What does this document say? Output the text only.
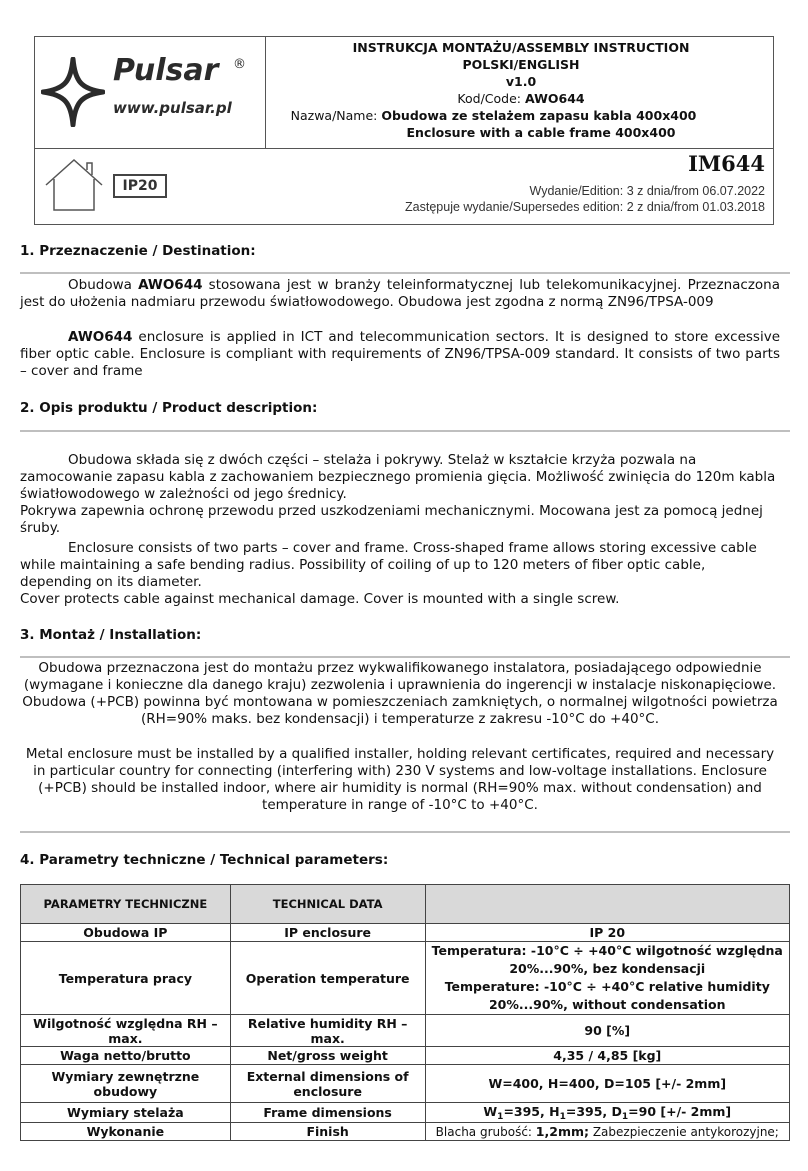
Pulsar ®
www.pulsar.pl
INSTRUKCJA MONTAŻU/ASSEMBLY INSTRUCTION
POLSKI/ENGLISH
v1.0
Kod/Code: AWO644
Nazwa/Name: Obudowa ze stelażem zapasu kabla 400x400
Enclosure with a cable frame 400x400
IP20
IM644
Wydanie/Edition: 3 z dnia/from 06.07.2022
Zastępuje wydanie/Supersedes edition: 2 z dnia/from 01.03.2018
1. Przeznaczenie / Destination:
Obudowa AWO644 stosowana jest w branży teleinformatycznej lub telekomunikacyjnej. Przeznaczona jest do ułożenia nadmiaru przewodu światłowodowego. Obudowa jest zgodna z normą ZN96/TPSA-009
AWO644 enclosure is applied in ICT and telecommunication sectors. It is designed to store excessive fiber optic cable. Enclosure is compliant with requirements of ZN96/TPSA-009 standard. It consists of two parts – cover and frame
2. Opis produktu / Product description:
Obudowa składa się z dwóch części – stelaża i pokrywy. Stelaż w kształcie krzyża pozwala na zamocowanie zapasu kabla z zachowaniem bezpiecznego promienia gięcia. Możliwość zwinięcia do 120m kabla światłowodowego w zależności od jego średnicy.
Pokrywa zapewnia ochronę przewodu przed uszkodzeniami mechanicznymi. Mocowana jest za pomocą jednej śruby.
Enclosure consists of two parts – cover and frame. Cross-shaped frame allows storing excessive cable while maintaining a safe bending radius. Possibility of coiling of up to 120 meters of fiber optic cable, depending on its diameter.
Cover protects cable against mechanical damage. Cover is mounted with a single screw.
3. Montaż / Installation:
Obudowa przeznaczona jest do montażu przez wykwalifikowanego instalatora, posiadającego odpowiednie (wymagane i konieczne dla danego kraju) zezwolenia i uprawnienia do ingerencji w instalacje niskonapięciowe. Obudowa (+PCB) powinna być montowana w pomieszczeniach zamkniętych, o normalnej wilgotności powietrza (RH=90% maks. bez kondensacji) i temperaturze z zakresu -10°C do +40°C.
Metal enclosure must be installed by a qualified installer, holding relevant certificates, required and necessary in particular country for connecting (interfering with) 230 V systems and low-voltage installations. Enclosure (+PCB) should be installed indoor, where air humidity is normal (RH=90% max. without condensation) and temperature in range of -10°C to +40°C.
4. Parametry techniczne / Technical parameters:
PARAMETRY TECHNICZNE	TECHNICAL DATA	
Obudowa IP	IP enclosure	IP 20
Temperatura pracy	Operation temperature	Temperatura: -10°C ÷ +40°C wilgotność względna 20%...90%, bez kondensacji
Temperature: -10°C ÷ +40°C relative humidity 20%...90%, without condensation

Wilgotność względna RH – max.	Relative humidity RH – max.	90 [%]
Waga netto/brutto	Net/gross weight	4,35 / 4,85 [kg]
Wymiary zewnętrzne obudowy	External dimensions of enclosure	W=400, H=400, D=105 [+/- 2mm]
Wymiary stelaża	Frame dimensions	$W_1=395$, $H_1=395$, $D_1=90$ [+/- 2mm]
Wykonanie	Finish	Blacha grubość: 1,2mm; Zabezpieczenie antykorozyjne;
